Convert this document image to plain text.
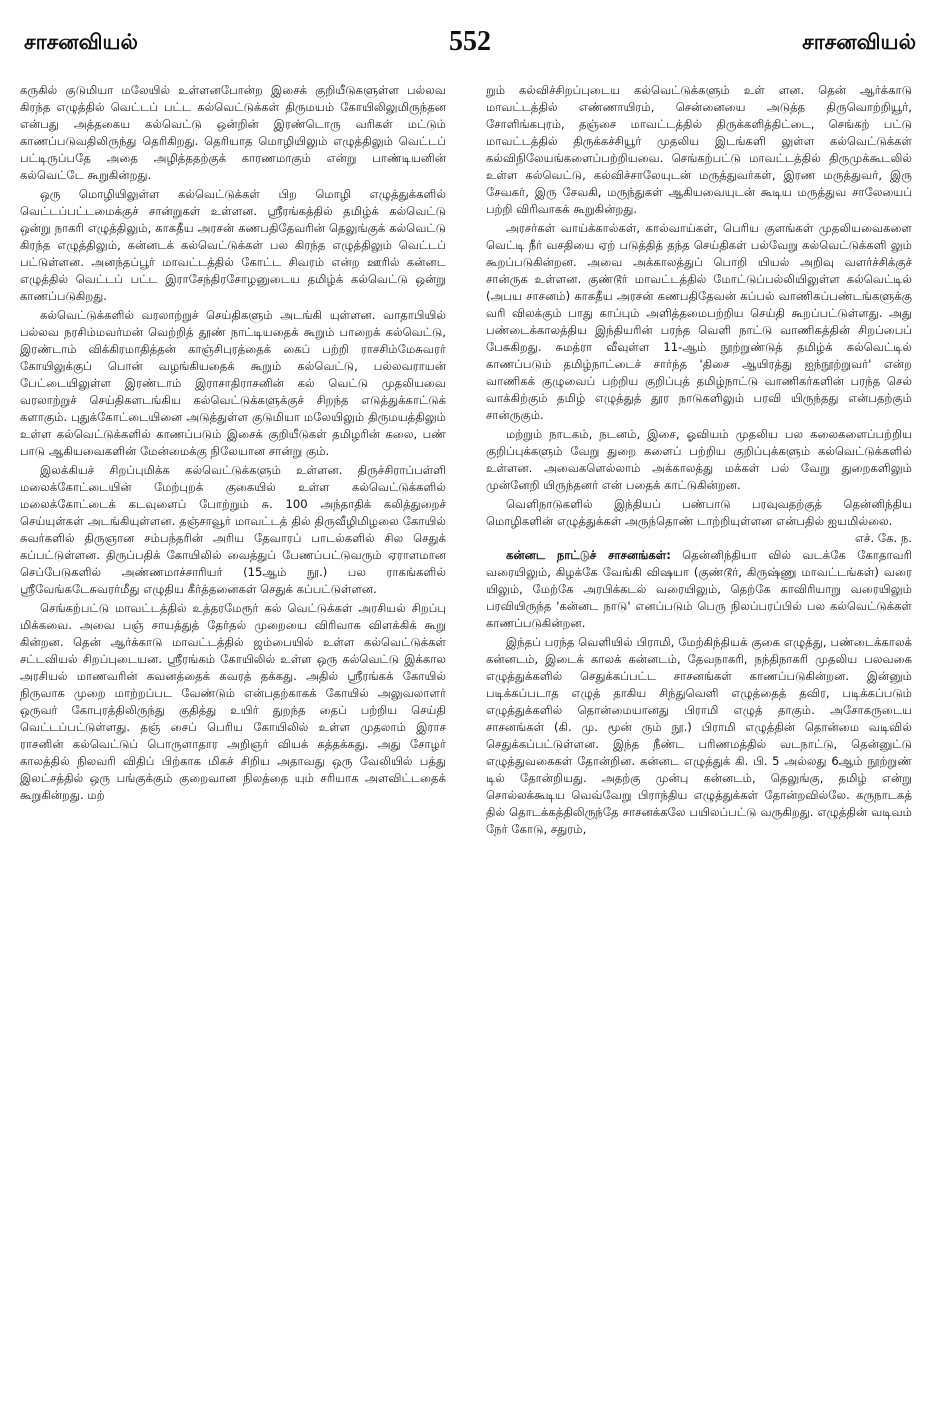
சாசனவியல்	552	சாசனவியல்

கருகில் குடுமியா மலேயில் உள்ளனபோன்ற இசைக் குறியீடுகளுள்ள பல்லவ கிரந்த எழுத்தில் வெட்டப் பட்ட கல்வெட்டுக்கள் திருமயம் கோயிலிலுமிருந்தன என்பது அத்தகைய கல்வெட்டு ஒன்றின் இரண்டொரு வரிகள் மட்டும் காணப்படுவதிலிருந்து தெரிகிறது. தெரியாத மொழியிலும் எழுத்திலும் வெட்டப் பட்டிருப்பதே அதை அழித்ததற்குக் காரணமாகும் என்று பாண்டியனின் கல்வெட்டே கூறுகின்றது.

ஒரு மொழியிலுள்ள கல்வெட்டுக்கள் பிற மொழி எழுத்துக்களில் வெட்டப்பட்டமைக்குச் சான்றுகள் உள்ளன. ஸ்ரீரங்கத்தில் தமிழ்க் கல்வெட்டு ஒன்று நாகரி எழுத்திலும், காகதீய அரசன் கணபதிதேவரின் தெலுங்குக் கல்வெட்டு கிரந்த எழுத்திலும், கன்னடக் கல்வெட்டுக்கள் பல கிரந்த எழுத்திலும் வெட்டப் பட்டுள்ளன. அனந்தப்பூர் மாவட்டத்தில் கோட்ட சிவரம் என்ற ஊரில் கன்னட எழுத்தில் வெட்டப் பட்ட இராசேந்திரசோழனுடைய தமிழ்க் கல்வெட்டு ஒன்று காணப்படுகிறது.

கல்வெட்டுக்களில் வரலாற்றுச் செய்திகளும் அடங்கி யுள்ளன. வாதாபியில் பல்லவ நரசிம்மவர்மன் வெற்றித் தூண் நாட்டியதைக் கூறும் பாறைக் கல்வெட்டு, இரண்டாம் விக்கிரமாதித்தன் காஞ்சிபுரத்தைக் கைப் பற்றி ராசசிம்மேசுவரர் கோயிலுக்குப் பொன் வழங்கியதைக் கூறும் கல்வெட்டு, பல்லவராயன் பேட்டையிலுள்ள இரண்டாம் இராசாதிராசனின் கல் வெட்டு முதலியவை வரலாற்றுச் செய்திகளடங்கிய கல்வெட்டுக்களுக்குச் சிறந்த எடுத்துக்காட்டுக் களாகும். புதுக்கோட்டையினை அடுத்துள்ள குடுமியா மலேயிலும் திருமயத்திலும் உள்ள கல்வெட்டுக்களில் காணப்படும் இசைக் குறியீடுகள் தமிழரின் கலை, பண் பாடு ஆகியவைகளின் மேன்மைக்கு நிலேயான சான்று கும்.

இலக்கியச் சிறப்புமிக்க கல்வெட்டுக்களும் உள்ளன. திருச்சிராப்பள்ளி மலைக்கோட்டையின் மேற்புறக் குகையில் உள்ள கல்வெட்டுக்களில் மலைக்கோட்டைக் கடவுளைப் போற்றும் சு. 100 அந்தாதிக் கலித்துறைச் செய்யுள்கள் அடங்கியுள்ளன. தஞ்சாவூர் மாவட்டத் தில் திருவீழிமிழலை கோயில் சுவர்களில் திருஞான சம்பந்தரின் அரிய தேவாரப் பாடல்களில் சில செதுக் கப்பட்டுள்ளன. திருப்பதிக் கோயிலில் வைத்துப் பேணப்பட்டுவரும் ஏராளமான செப்பேடுகளில் அண்ணமாச்சாரியர் (15ஆம் நூ.) பல ராகங்களில் ஸ்ரீவேங்கடேசுவரர்மீது எழுதிய கீர்த்தனைகள் செதுக் கப்பட்டுள்ளன.

செங்கற்பட்டு மாவட்டத்தில் உத்தரமேரூர் கல் வெட்டுக்கள் அரசியல் சிறப்பு மிக்கவை. அவை பஞ் சாயத்துத் தேர்தல் முறையை விரிவாக விளக்கிக் கூறு கின்றன. தென் ஆர்க்காடு மாவட்டத்தில் ஜம்பையில் உள்ள கல்வெட்டுக்கள் சட்டவியல் சிறப்புடையன. ஸ்ரீரங்கம் கோயிலில் உள்ள ஒரு கல்வெட்டு இக்கால அரசியல் மாணவரின் கவனத்தைக் கவரத் தக்கது. அதில் ஸ்ரீரங்கக் கோயில் நிருவாக முறை மாற்றப்பட வேண்டும் என்பதற்காகக் கோயில் அலுவலாளர் ஒருவர் கோபுரத்திலிருந்து குதித்து உயிர் துறந்த தைப் பற்றிய செய்தி வெட்டப்பட்டுள்ளது. தஞ் சைப் பெரிய கோயிலில் உள்ள முதலாம் இராச ராசனின் கல்வெட்டுப் பொருளாதார அறிஞர் வியக் கத்தக்கது. அது சோழர் காலத்தில் நிலவரி விதிப் பிற்காக மிகச் சிறிய அதாவது ஒரு வேலியில் பத்து இலட்சத்தில் ஒரு பங்குக்கும் குறைவான நிலத்தை யும் சரியாக அளவிட்டதைக் கூறுகின்றது. மற்

றும் கல்விச்சிறப்புடைய கல்வெட்டுக்களும் உள் ளன. தென் ஆர்க்காடு மாவட்டத்தில் எண்ணாயிரம், சென்னையை அடுத்த திருவொற்றியூர், சோளிங்கபுரம், தஞ்சை மாவட்டத்தில் திருக்களித்திட்டை, செங்கற் பட்டு மாவட்டத்தில் திருக்கச்சியூர் முதலிய இடங்களி லுள்ள கல்வெட்டுக்கள் கல்விநிலேயங்களைப்பற்றியவை. செங்கற்பட்டு மாவட்டத்தில் திருமுக்கூடலில் உள்ள கல்வெட்டு, கல்விச்சாலேயுடன் மருத்துவர்கள், இரண மருத்துவர், இரு சேவகர், இரு சேவகி, மருந்துகள் ஆகியவையுடன் கூடிய மருத்துவ சாலேயைப் பற்றி விரிவாகக் கூறுகின்றது.

அரசர்கள் வாய்க்கால்கள், கால்வாய்கள், பெரிய குளங்கள் முதலியவைகளை வெட்டி நீர் வசதியை ஏற் படுத்தித் தந்த செய்திகள் பல்வேறு கல்வெட்டுக்களி லும் கூறப்படுகின்றன. அவை அக்காலத்துப் பொறி யியல் அறிவு வளர்ச்சிக்குச் சான்ருக உள்ளன. குண்டூர் மாவட்டத்தில் மோட்டுப்பல்லியிலுள்ள கல்வெட்டில் (அபய சாசனம்) காகதீய அரசன் கணபதிதேவன் கப்பல் வாணிகப்பண்டங்களுக்கு வரி விலக்கும் பாது காப்பும் அளித்தமைபற்றிய செய்தி கூறப்பட்டுள்ளது. அது பண்டைக்காலத்திய இந்தியரின் பரந்த வெளி நாட்டு வாணிகத்தின் சிறப்பைப் பேசுகிறது. சுமத்ரா வீவுள்ள 11-ஆம் நூற்றுண்டுத் தமிழ்க் கல்வெட்டில் காணப்படும் தமிழ்நாட்டைச் சார்ந்த 'திசை ஆயிரத்து ஐந்நூற்றுவர்' என்ற வாணிகக் குழுவைப் பற்றிய குறிப்புத் தமிழ்நாட்டு வாணிகர்களின் பரந்த செல் வாக்கிற்கும் தமிழ் எழுத்துத் தூர நாடுகளிலும் பரவி யிருந்தது என்பதற்கும் சான்ருகும்.

மற்றும் நாடகம், நடனம், இசை, ஓவியம் முதலிய பல கலைகளைப்பற்றிய குறிப்புக்களும் வேறு துறை களைப் பற்றிய குறிப்புக்களும் கல்வெட்டுக்களில் உள்ளன. அவைகளெல்லாம் அக்காலத்து மக்கள் பல் வேறு துறைகளிலும் முன்னேறி யிருந்தனர் என் பதைக் காட்டுகின்றன.

வெளிநாடுகளில் இந்தியப் பண்பாடு பரவுவதற்குத் தென்னிந்திய மொழிகளின் எழுத்துக்கள் அருந்தொண் டாற்றியுள்ளன என்பதில் ஐயமில்லை.

எச். கே. ந.

கன்னட நாட்டுச் சாசனங்கள்: தென்னிந்தியா வில் வடக்கே கோதாவரி வரையிலும், கிழக்கே வேங்கி விஷயா (குண்டூர், கிருஷ்ணு மாவட்டங்கள்) வரை யிலும், மேற்கே அரபிக்கடல் வரையிலும், தெற்கே காவிரியாறு வரையிலும் பரவியிருந்த 'கன்னட நாடு' எனப்படும் பெரு நிலப்பரப்பில் பல கல்வெட்டுக்கள் காணப்படுகின்றன.

இந்தப் பரந்த வெளியில் பிராமி, மேற்கிந்தியக் குகை எழுத்து, பண்டைக்காலக் கன்னடம், இடைக் காலக் கன்னடம், தேவநாகரி, நந்திநாகரி முதலிய பலவகை எழுத்துக்களில் செதுக்கப்பட்ட சாசனங்கள் காணப்படுகின்றன. இன்னும் படிக்கப்படாத எழுத் தாகிய சிந்துவெளி எழுத்தைத் தவிர, படிக்கப்படும் எழுத்துக்களில் தொன்மையானது பிராமி எழுத் தாகும். அசோகருடைய சாசனங்கள் (கி. மு. மூன் ரும் நூ.) பிராமி எழுத்தின் தொன்மை வடிவில் செதுக்கப்பட்டுள்ளன. இந்த நீண்ட பரிணமத்தில் வடநாட்டு, தென்னுட்டு எழுத்துவகைகள் தோன்றின. கன்னட எழுத்துக் கி. பி. 5 அல்லது 6ஆம் நூற்றுண் டில் தோன்றியது. அதற்கு முன்பு கன்னடம், தெலுங்கு, தமிழ் என்று சொல்லக்கூடிய வெவ்வேறு பிராந்திய எழுத்துக்கள் தோன்றவில்லே. கருநாடகத் தில் தொடக்கத்திலிருந்தே சாசனக்கலே பயிலப்பட்டு வருகிறது. எழுத்தின் வடிவம் நேர் கோடு, சதுரம்,
